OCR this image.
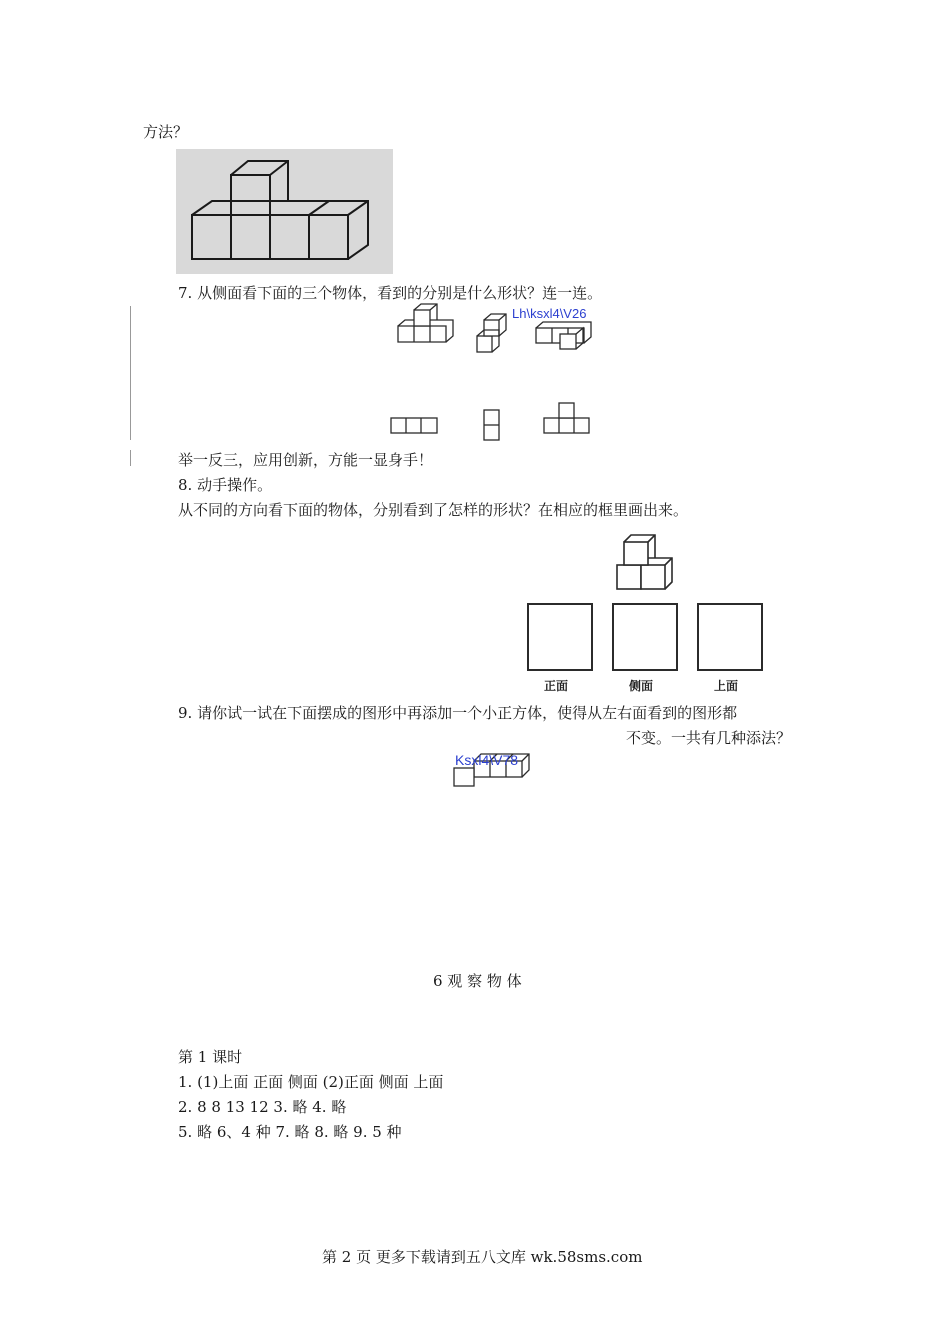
方法？
7. 从侧面看下面的三个物体，看到的分别是什么形状？连一连。
Lh\ksxl4\V26
举一反三，应用创新，方能一显身手！
8. 动手操作。
从不同的方向看下面的物体，分别看到了怎样的形状？在相应的框里画出来。
正面	侧面	上面
9. 请你试一试在下面摆成的图形中再添加一个小正方体，使得从左右面看到的图形都
不变。一共有几种添法？
Ksxl4\V78
6 观 察 物 体
第 1 课时
1. (1)上面 正面 侧面 (2)正面 侧面 上面
2. 8 8 13 12 3. 略 4. 略
5. 略 6、4 种 7. 略 8. 略 9. 5 种
第 2 页 更多下载请到五八文库 wk.58sms.com
